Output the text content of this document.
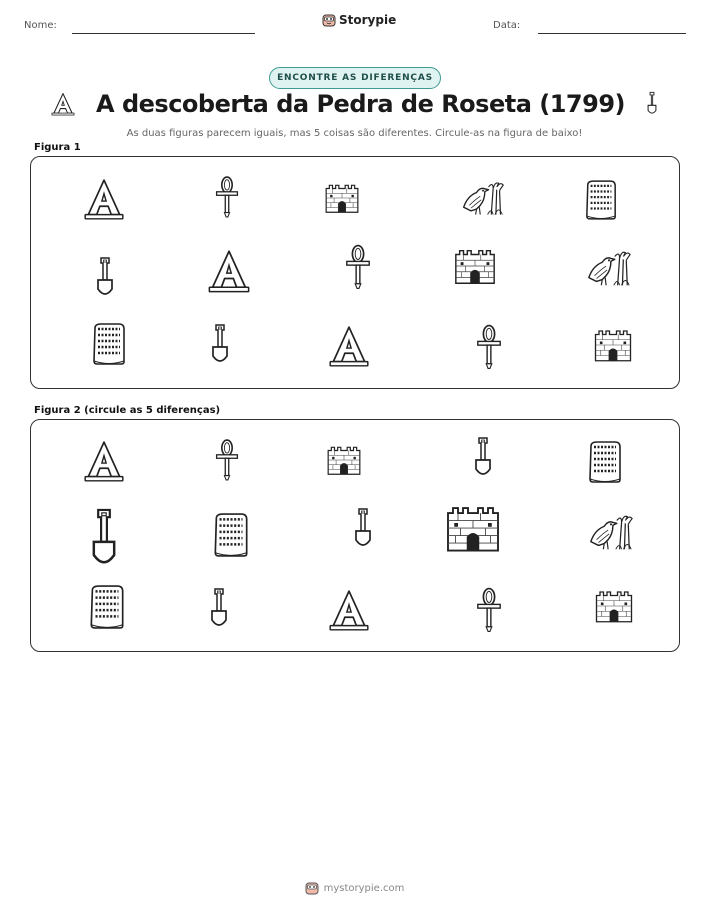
Nome:	Storypie	Data:
ENCONTRE AS DIFERENÇAS
A descoberta da Pedra de Roseta (1799)
As duas figuras parecem iguais, mas 5 coisas são diferentes. Circule-as na figura de baixo!
Figura 1
Figura 2 (circule as 5 diferenças)
mystorypie.com
